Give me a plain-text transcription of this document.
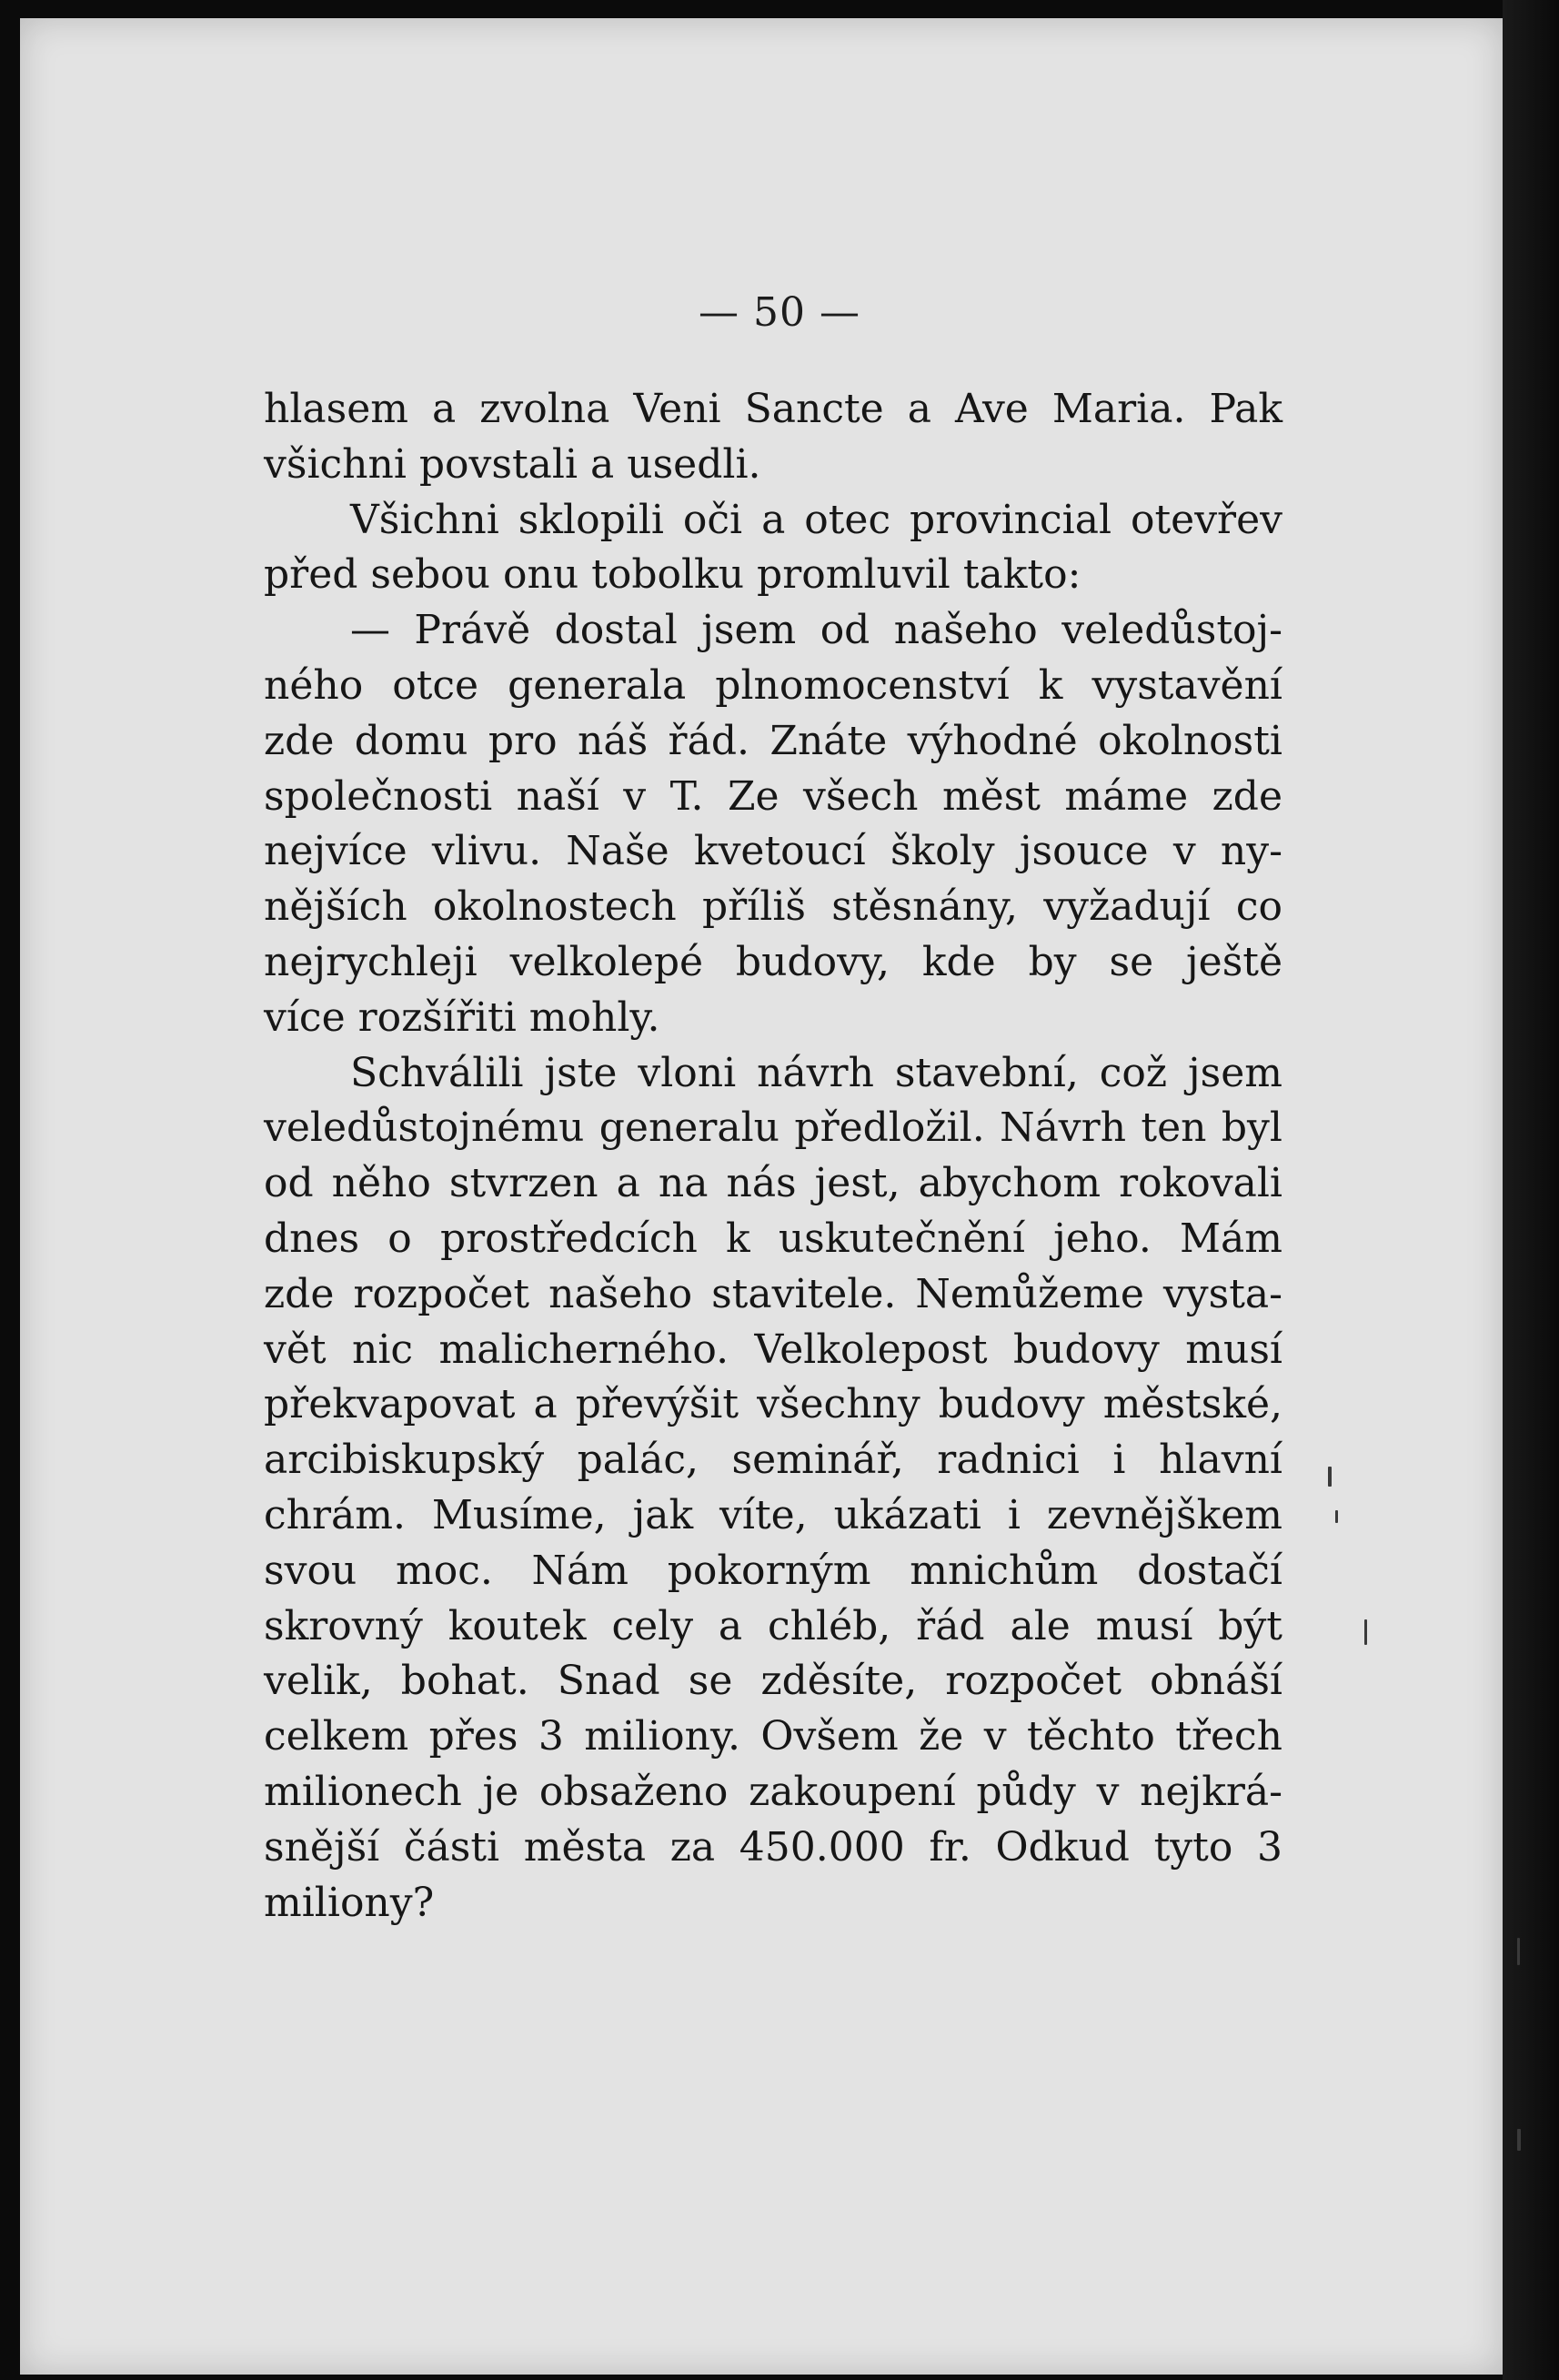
— 50 —
hlasem a zvolna Veni Sancte a Ave Maria. Pak
všichni povstali a usedli.
Všichni sklopili oči a otec provincial otevřev
před sebou onu tobolku promluvil takto:
— Právě dostal jsem od našeho veledůstoj-
ného otce generala plnomocenství k vystavění
zde domu pro náš řád. Znáte výhodné okolnosti
společnosti naší v T. Ze všech měst máme zde
nejvíce vlivu. Naše kvetoucí školy jsouce v ny-
nějších okolnostech příliš stěsnány, vyžadují co
nejrychleji velkolepé budovy, kde by se ještě
více rozšířiti mohly.
Schválili jste vloni návrh stavební, což jsem
veledůstojnému generalu předložil. Návrh ten byl
od něho stvrzen a na nás jest, abychom rokovali
dnes o prostředcích k uskutečnění jeho. Mám
zde rozpočet našeho stavitele. Nemůžeme vysta-
vět nic malicherného. Velkolepost budovy musí
překvapovat a převýšit všechny budovy městské,
arcibiskupský palác, seminář, radnici i hlavní
chrám. Musíme, jak víte, ukázati i zevnějškem
svou moc. Nám pokorným mnichům dostačí
skrovný koutek cely a chléb, řád ale musí být
velik, bohat. Snad se zděsíte, rozpočet obnáší
celkem přes 3 miliony. Ovšem že v těchto třech
milionech je obsaženo zakoupení půdy v nejkrá-
snější části města za 450.000 fr. Odkud tyto 3
miliony?
